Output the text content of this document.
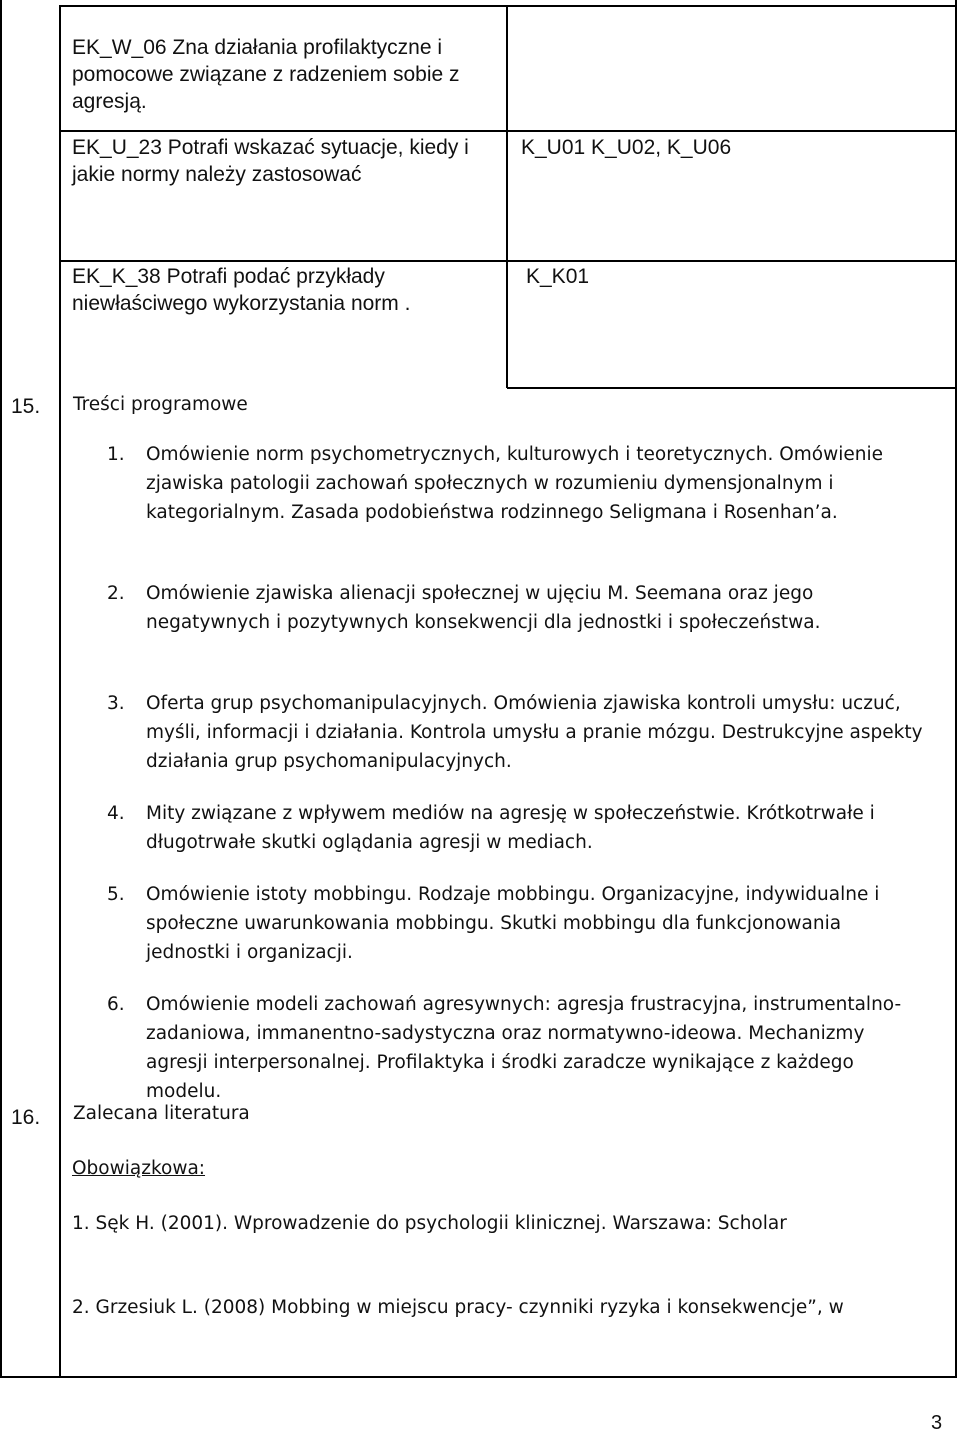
EK_W_06 Zna działania profilaktyczne i pomocowe związane z radzeniem sobie z agresją.
EK_U_23 Potrafi wskazać sytuacje, kiedy i jakie normy należy zastosować
K_U01 K_U02, K_U06
EK_K_38 Potrafi podać przykłady niewłaściwego wykorzystania norm .
K_K01
15. Treści programowe
1. Omówienie norm psychometrycznych, kulturowych i teoretycznych. Omówienie zjawiska patologii zachowań społecznych w rozumieniu dymensjonalnym i kategorialnym. Zasada podobieństwa rodzinnego Seligmana i Rosenhan’a.
2. Omówienie zjawiska alienacji społecznej w ujęciu M. Seemana oraz jego negatywnych i pozytywnych konsekwencji dla jednostki i społeczeństwa.
3. Oferta grup psychomanipulacyjnych. Omówienia zjawiska kontroli umysłu: uczuć, myśli, informacji i działania. Kontrola umysłu a pranie mózgu. Destrukcyjne aspekty działania grup psychomanipulacyjnych.
4. Mity związane z wpływem mediów na agresję w społeczeństwie. Krótkotrwałe i długotrwałe skutki oglądania agresji w mediach.
5. Omówienie istoty mobbingu. Rodzaje mobbingu. Organizacyjne, indywidualne i społeczne uwarunkowania mobbingu. Skutki mobbingu dla funkcjonowania jednostki i organizacji.
6. Omówienie modeli zachowań agresywnych: agresja frustracyjna, instrumentalno-zadaniowa, immanentno-sadystyczna oraz normatywno-ideowa. Mechanizmy agresji interpersonalnej. Profilaktyka i środki zaradcze wynikające z każdego modelu.
16. Zalecana literatura
Obowiązkowa:
1. Sęk H. (2001). Wprowadzenie do psychologii klinicznej. Warszawa: Scholar
2. Grzesiuk L. (2008) Mobbing w miejscu pracy- czynniki ryzyka i konsekwencje”, w
3
